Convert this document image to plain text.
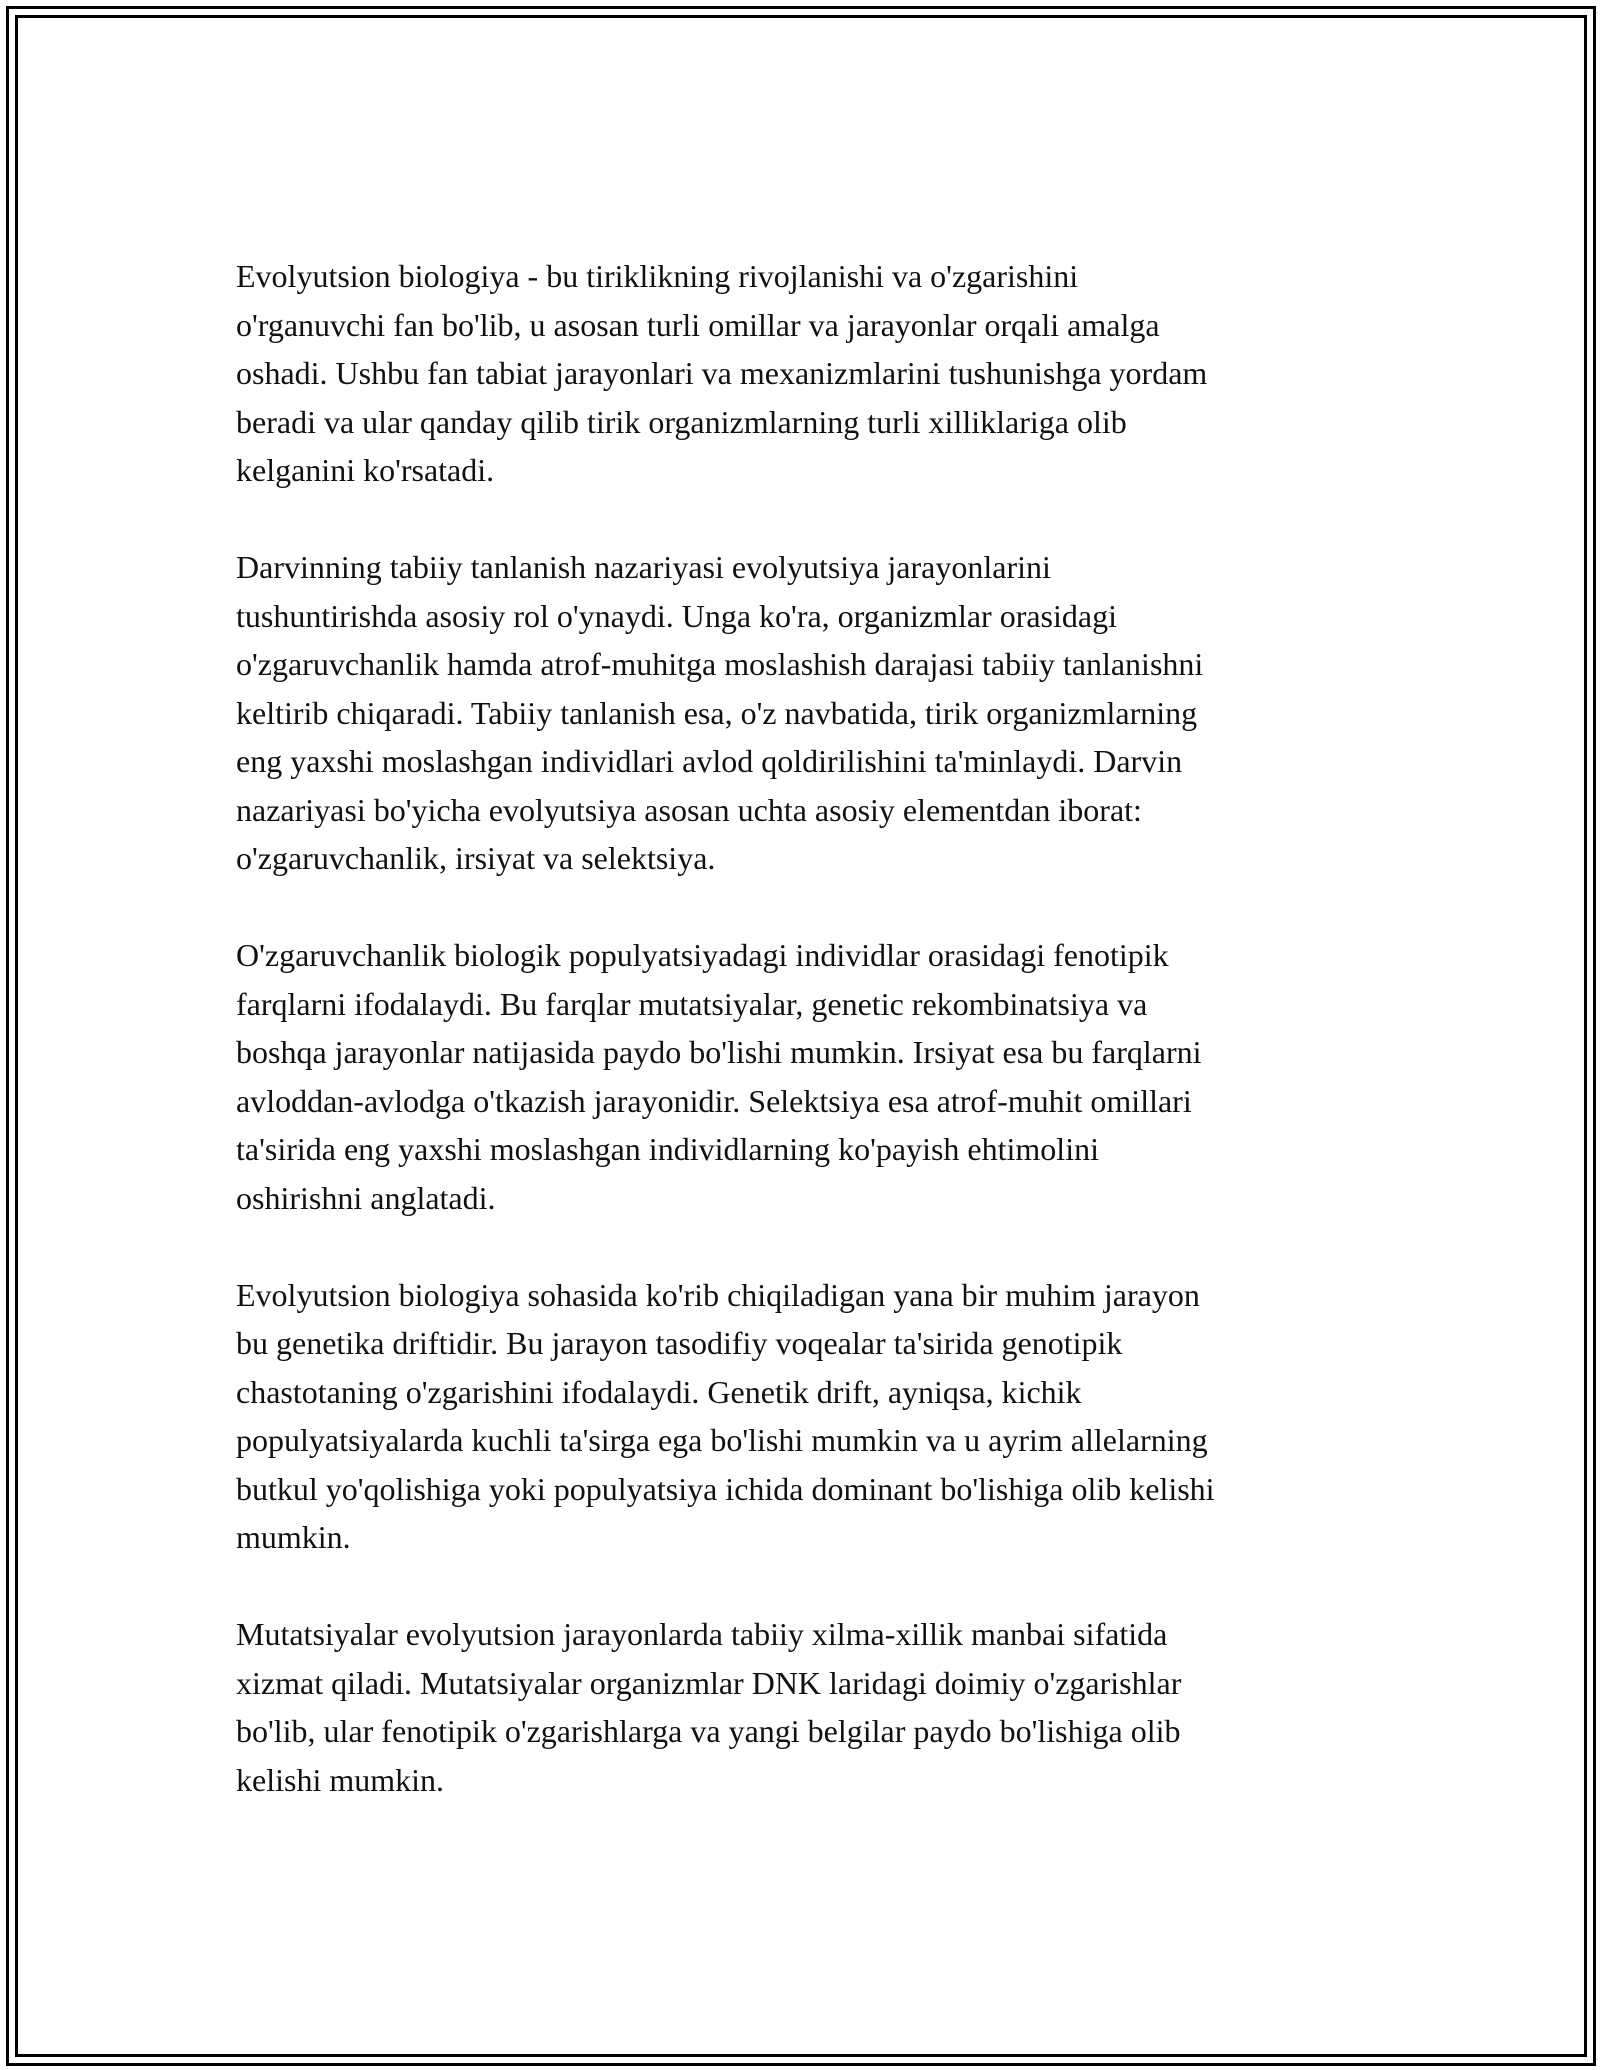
Evolyutsion biologiya - bu tiriklikning rivojlanishi va o'zgarishini
o'rganuvchi fan bo'lib, u asosan turli omillar va jarayonlar orqali amalga
oshadi. Ushbu fan tabiat jarayonlari va mexanizmlarini tushunishga yordam
beradi va ular qanday qilib tirik organizmlarning turli xilliklariga olib
kelganini ko'rsatadi.

Darvinning tabiiy tanlanish nazariyasi evolyutsiya jarayonlarini
tushuntirishda asosiy rol o'ynaydi. Unga ko'ra, organizmlar orasidagi
o'zgaruvchanlik hamda atrof-muhitga moslashish darajasi tabiiy tanlanishni
keltirib chiqaradi. Tabiiy tanlanish esa, o'z navbatida, tirik organizmlarning
eng yaxshi moslashgan individlari avlod qoldirilishini ta'minlaydi. Darvin
nazariyasi bo'yicha evolyutsiya asosan uchta asosiy elementdan iborat:
o'zgaruvchanlik, irsiyat va selektsiya.

O'zgaruvchanlik biologik populyatsiyadagi individlar orasidagi fenotipik
farqlarni ifodalaydi. Bu farqlar mutatsiyalar, genetic rekombinatsiya va
boshqa jarayonlar natijasida paydo bo'lishi mumkin. Irsiyat esa bu farqlarni
avloddan-avlodga o'tkazish jarayonidir. Selektsiya esa atrof-muhit omillari
ta'sirida eng yaxshi moslashgan individlarning ko'payish ehtimolini
oshirishni anglatadi.

Evolyutsion biologiya sohasida ko'rib chiqiladigan yana bir muhim jarayon
bu genetika driftidir. Bu jarayon tasodifiy voqealar ta'sirida genotipik
chastotaning o'zgarishini ifodalaydi. Genetik drift, ayniqsa, kichik
populyatsiyalarda kuchli ta'sirga ega bo'lishi mumkin va u ayrim allelarning
butkul yo'qolishiga yoki populyatsiya ichida dominant bo'lishiga olib kelishi
mumkin.

Mutatsiyalar evolyutsion jarayonlarda tabiiy xilma-xillik manbai sifatida
xizmat qiladi. Mutatsiyalar organizmlar DNK laridagi doimiy o'zgarishlar
bo'lib, ular fenotipik o'zgarishlarga va yangi belgilar paydo bo'lishiga olib
kelishi mumkin.
